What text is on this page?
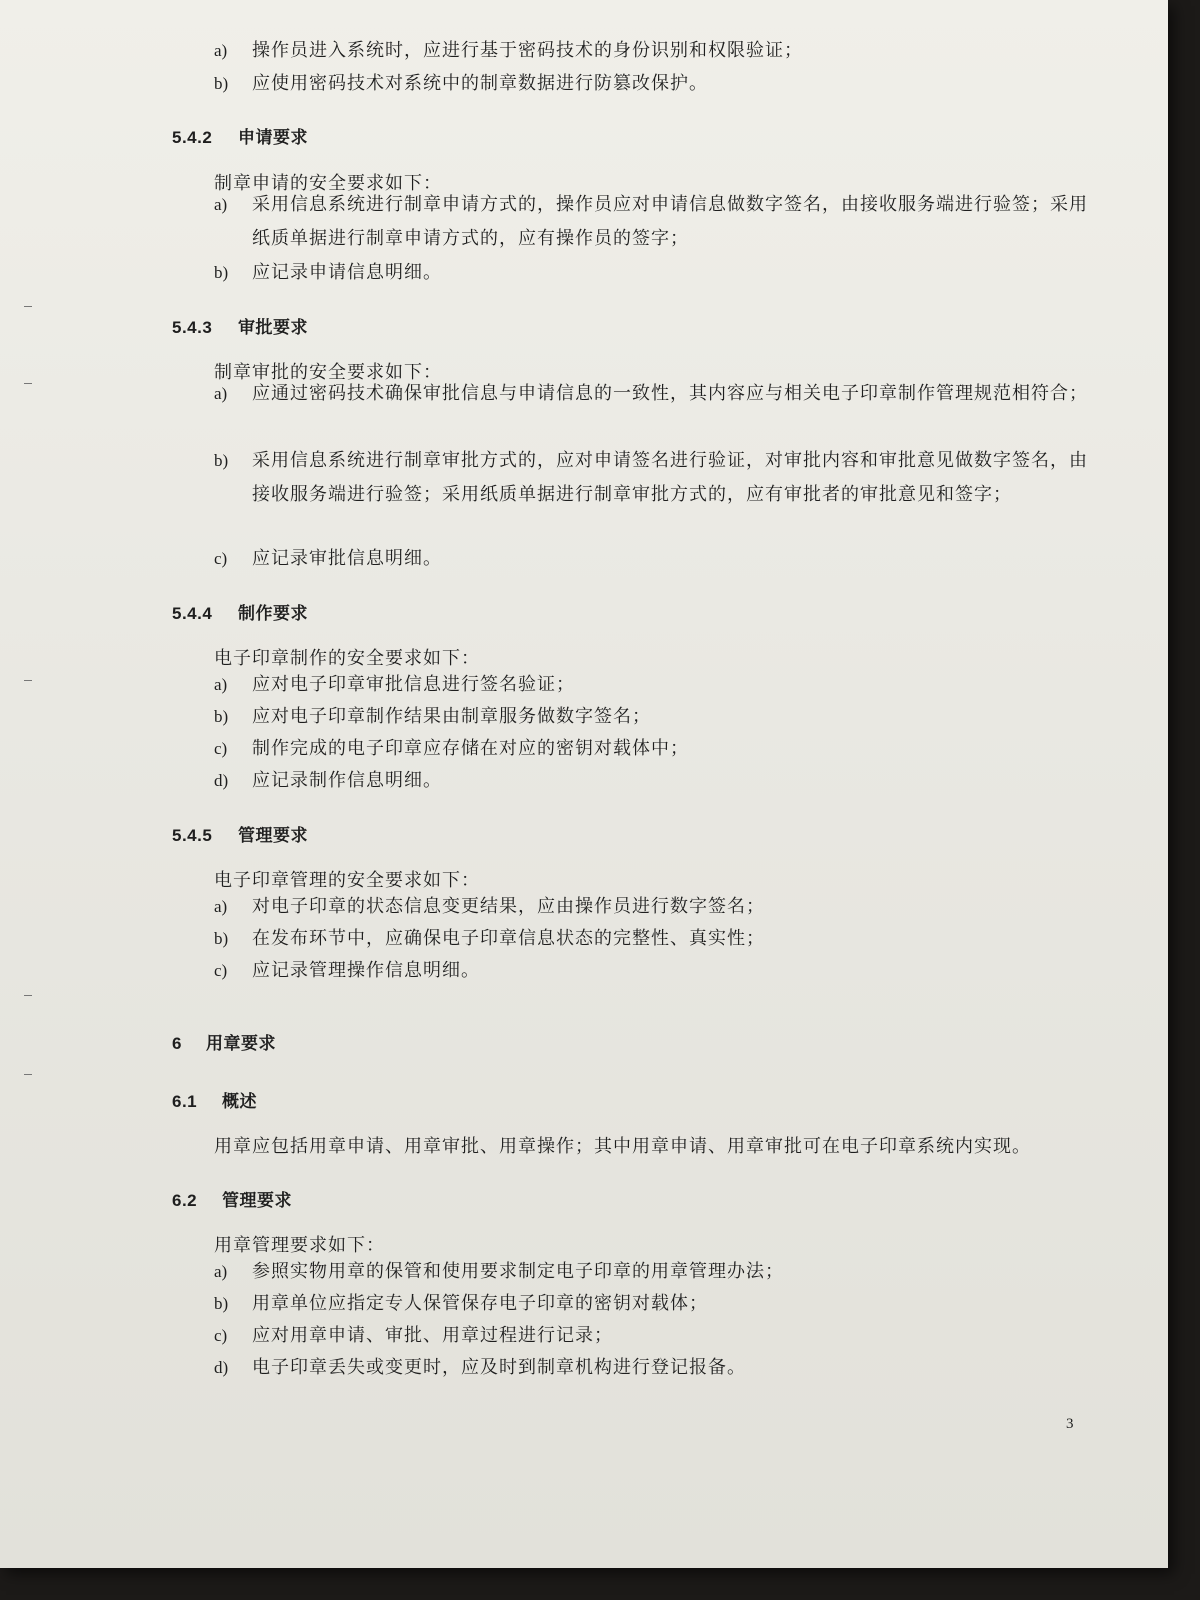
a) 操作员进入系统时，应进行基于密码技术的身份识别和权限验证；
b) 应使用密码技术对系统中的制章数据进行防篡改保护。
5.4.2 申请要求
制章申请的安全要求如下：
a) 采用信息系统进行制章申请方式的，操作员应对申请信息做数字签名，由接收服务端进行验签；采用纸质单据进行制章申请方式的，应有操作员的签字；
b) 应记录申请信息明细。
5.4.3 审批要求
制章审批的安全要求如下：
a) 应通过密码技术确保审批信息与申请信息的一致性，其内容应与相关电子印章制作管理规范相符合；
b) 采用信息系统进行制章审批方式的，应对申请签名进行验证，对审批内容和审批意见做数字签名，由接收服务端进行验签；采用纸质单据进行制章审批方式的，应有审批者的审批意见和签字；
c) 应记录审批信息明细。
5.4.4 制作要求
电子印章制作的安全要求如下：
a) 应对电子印章审批信息进行签名验证；
b) 应对电子印章制作结果由制章服务做数字签名；
c) 制作完成的电子印章应存储在对应的密钥对载体中；
d) 应记录制作信息明细。
5.4.5 管理要求
电子印章管理的安全要求如下：
a) 对电子印章的状态信息变更结果，应由操作员进行数字签名；
b) 在发布环节中，应确保电子印章信息状态的完整性、真实性；
c) 应记录管理操作信息明细。
6 用章要求
6.1 概述
用章应包括用章申请、用章审批、用章操作；其中用章申请、用章审批可在电子印章系统内实现。
6.2 管理要求
用章管理要求如下：
a) 参照实物用章的保管和使用要求制定电子印章的用章管理办法；
b) 用章单位应指定专人保管保存电子印章的密钥对载体；
c) 应对用章申请、审批、用章过程进行记录；
d) 电子印章丢失或变更时，应及时到制章机构进行登记报备。
3
